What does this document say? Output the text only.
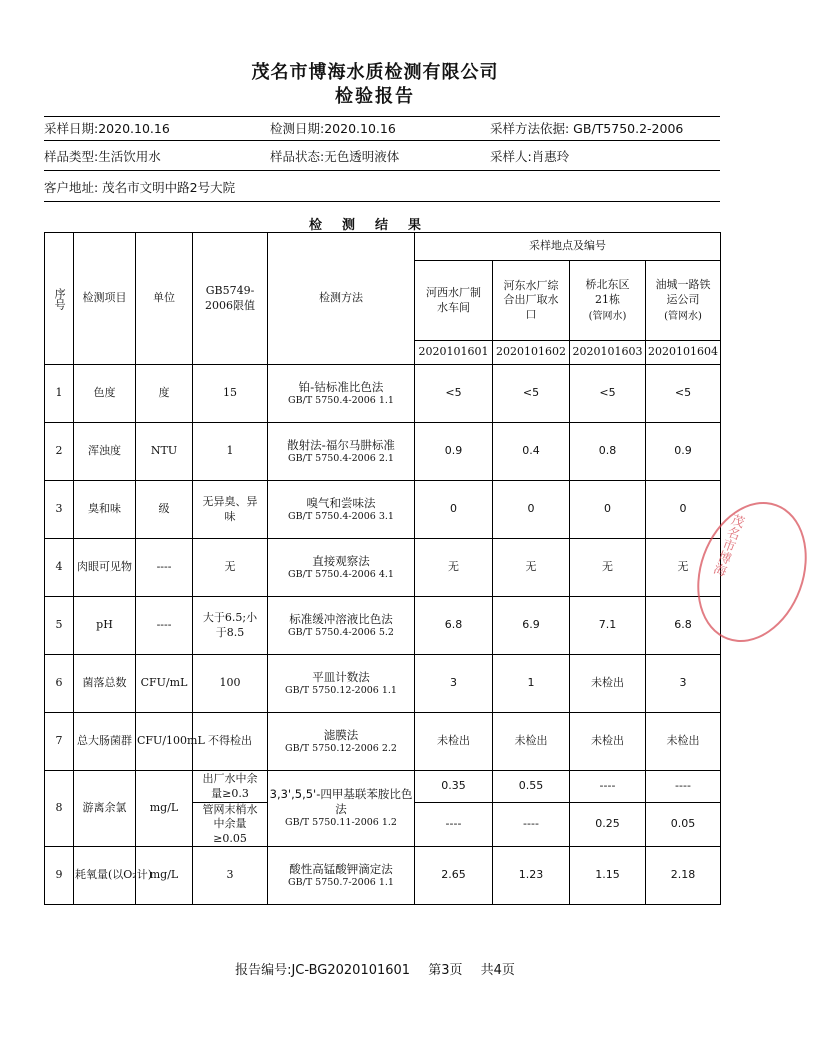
茂名市博海水质检测有限公司
检验报告
采样日期:2020.10.16	检测日期:2020.10.16	采样方法依据: GB/T5750.2-2006
样品类型:生活饮用水	样品状态:无色透明液体	采样人:肖惠玲
客户地址: 茂名市文明中路2号大院
检测结果
序号	检测项目	单位	GB5749-2006限值	检测方法	采样地点及编号			

					河西水厂制水车间	河东水厂综合出厂取水口	桥北东区21栋
(管网水)	油城一路铁运公司
(管网水)

					2020101601	2020101602	2020101603	2020101604
1	色度	度	15	铂-钴标准比色法
GB/T 5750.4-2006 1.1	<5	<5	<5	<5
2	浑浊度	NTU	1	散射法-福尔马肼标准
GB/T 5750.4-2006 2.1	0.9	0.4	0.8	0.9
3	臭和味	级	无异臭、异味	嗅气和尝味法
GB/T 5750.4-2006 3.1	0	0	0	0
4	肉眼可见物	----	无	直接观察法
GB/T 5750.4-2006 4.1	无	无	无	无
5	pH	----	大于6.5;小于8.5	标准缓冲溶液比色法
GB/T 5750.4-2006 5.2	6.8	6.9	7.1	6.8
6	菌落总数	CFU/mL	100	平皿计数法
GB/T 5750.12-2006 1.1	3	1	未检出	3
7	总大肠菌群	CFU/100mL	不得检出	滤膜法
GB/T 5750.12-2006 2.2	未检出	未检出	未检出	未检出
8	游离余氯	mg/L	出厂水中余量≥0.3	3,3',5,5'-四甲基联苯胺比色法
GB/T 5750.11-2006 1.2	0.35	0.55	----	----
			管网末梢水中余量≥0.05		----	----	0.25	0.05
9	耗氧量(以O₂计)	mg/L	3	酸性高锰酸钾滴定法
GB/T 5750.7-2006 1.1	2.65	1.23	1.15	2.18
报告编号:JC-BG2020101601 第3页 共4页
茂名市博海
